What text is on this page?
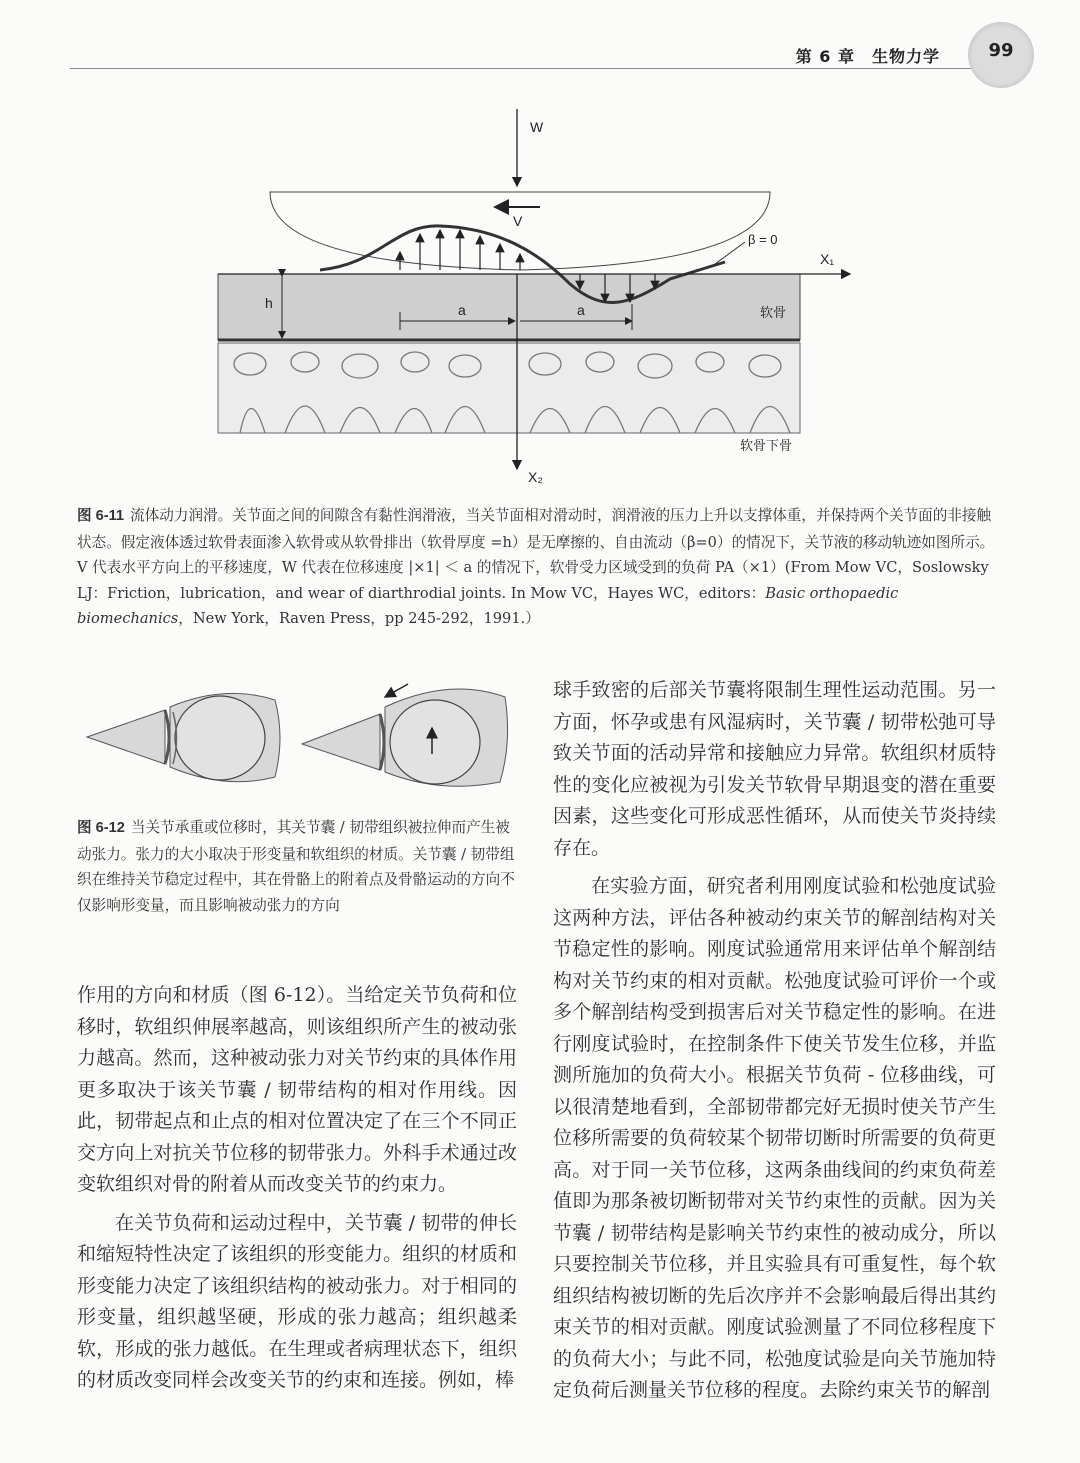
第 6 章　生物力学	99
W
V
β = 0
X₁
X₂
h	a	a	软骨
软骨下骨
图 6-11 流体动力润滑。关节面之间的间隙含有黏性润滑液，当关节面相对滑动时，润滑液的压力上升以支撑体重，并保持两个关节面的非接触状态。假定液体透过软骨表面渗入软骨或从软骨排出（软骨厚度 =h）是无摩擦的、自由流动（β=0）的情况下，关节液的移动轨迹如图所示。V 代表水平方向上的平移速度，W 代表在位移速度 |×1| ＜ a 的情况下，软骨受力区域受到的负荷 PA（×1）(From Mow VC，Soslowsky LJ：Friction，lubrication，and wear of diarthrodial joints. In Mow VC，Hayes WC，editors：Basic orthopaedic biomechanics，New York，Raven Press，pp 245-292，1991.）
图 6-12 当关节承重或位移时，其关节囊 / 韧带组织被拉伸而产生被动张力。张力的大小取决于形变量和软组织的材质。关节囊 / 韧带组织在维持关节稳定过程中，其在骨骼上的附着点及骨骼运动的方向不仅影响形变量，而且影响被动张力的方向

作用的方向和材质（图 6-12）。当给定关节负荷和位移时，软组织伸展率越高，则该组织所产生的被动张力越高。然而，这种被动张力对关节约束的具体作用更多取决于该关节囊 / 韧带结构的相对作用线。因此，韧带起点和止点的相对位置决定了在三个不同正交方向上对抗关节位移的韧带张力。外科手术通过改变软组织对骨的附着从而改变关节的约束力。

在关节负荷和运动过程中，关节囊 / 韧带的伸长和缩短特性决定了该组织的形变能力。组织的材质和形变能力决定了该组织结构的被动张力。对于相同的形变量，组织越坚硬，形成的张力越高；组织越柔软，形成的张力越低。在生理或者病理状态下，组织的材质改变同样会改变关节的约束和连接。例如，棒

球手致密的后部关节囊将限制生理性运动范围。另一方面，怀孕或患有风湿病时，关节囊 / 韧带松弛可导致关节面的活动异常和接触应力异常。软组织材质特性的变化应被视为引发关节软骨早期退变的潜在重要因素，这些变化可形成恶性循环，从而使关节炎持续存在。

在实验方面，研究者利用刚度试验和松弛度试验这两种方法，评估各种被动约束关节的解剖结构对关节稳定性的影响。刚度试验通常用来评估单个解剖结构对关节约束的相对贡献。松弛度试验可评价一个或多个解剖结构受到损害后对关节稳定性的影响。在进行刚度试验时，在控制条件下使关节发生位移，并监测所施加的负荷大小。根据关节负荷 - 位移曲线，可以很清楚地看到，全部韧带都完好无损时使关节产生位移所需要的负荷较某个韧带切断时所需要的负荷更高。对于同一关节位移，这两条曲线间的约束负荷差值即为那条被切断韧带对关节约束性的贡献。因为关节囊 / 韧带结构是影响关节约束性的被动成分，所以只要控制关节位移，并且实验具有可重复性，每个软组织结构被切断的先后次序并不会影响最后得出其约束关节的相对贡献。刚度试验测量了不同位移程度下的负荷大小；与此不同，松弛度试验是向关节施加特定负荷后测量关节位移的程度。去除约束关节的解剖
